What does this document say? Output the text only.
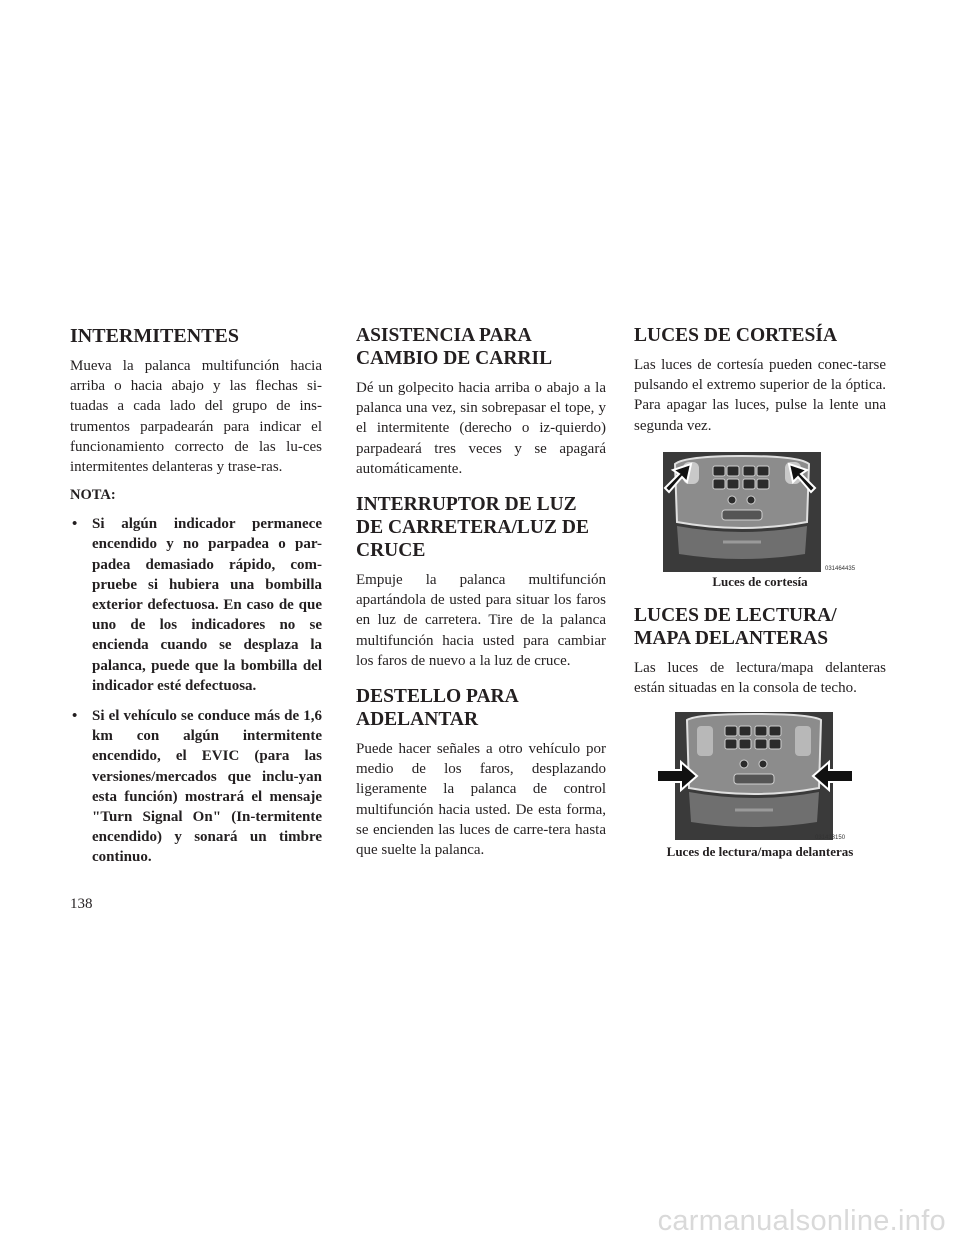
INTERMITENTES

Mueva la palanca multifunción hacia arriba o hacia abajo y las flechas si-tuadas a cada lado del grupo de ins-trumentos parpadearán para indicar el funcionamiento correcto de las lu-ces intermitentes delanteras y trase-ras.

NOTA:
• Si algún indicador permanece encendido y no parpadea o par-padea demasiado rápido, com-pruebe si hubiera una bombilla exterior defectuosa. En caso de que uno de los indicadores no se encienda cuando se desplaza la palanca, puede que la bombilla del indicador esté defectuosa.
• Si el vehículo se conduce más de 1,6 km con algún intermitente encendido, el EVIC (para las versiones/mercados que inclu-yan esta función) mostrará el mensaje "Turn Signal On" (In-termitente encendido) y sonará un timbre continuo.
ASISTENCIA PARA CAMBIO DE CARRIL

Dé un golpecito hacia arriba o abajo a la palanca una vez, sin sobrepasar el tope, y el intermitente (derecho o iz-quierdo) parpadeará tres veces y se apagará automáticamente.

INTERRUPTOR DE LUZ DE CARRETERA/LUZ DE CRUCE

Empuje la palanca multifunción apartándola de usted para situar los faros en luz de carretera. Tire de la palanca multifunción hacia usted para cambiar los faros de nuevo a la luz de cruce.

DESTELLO PARA ADELANTAR

Puede hacer señales a otro vehículo por medio de los faros, desplazando ligeramente la palanca de control multifunción hacia usted. De esta forma, se encienden las luces de carre-tera hasta que suelte la palanca.

LUCES DE CORTESÍA

Las luces de cortesía pueden conec-tarse pulsando el extremo superior de la óptica. Para apagar las luces, pulse la lente una segunda vez.

031464435
Luces de cortesía
LUCES DE LECTURA/ MAPA DELANTERAS

Las luces de lectura/mapa delanteras están situadas en la consola de techo.

031433150
Luces de lectura/mapa delanteras
138
carmanualsonline.info
